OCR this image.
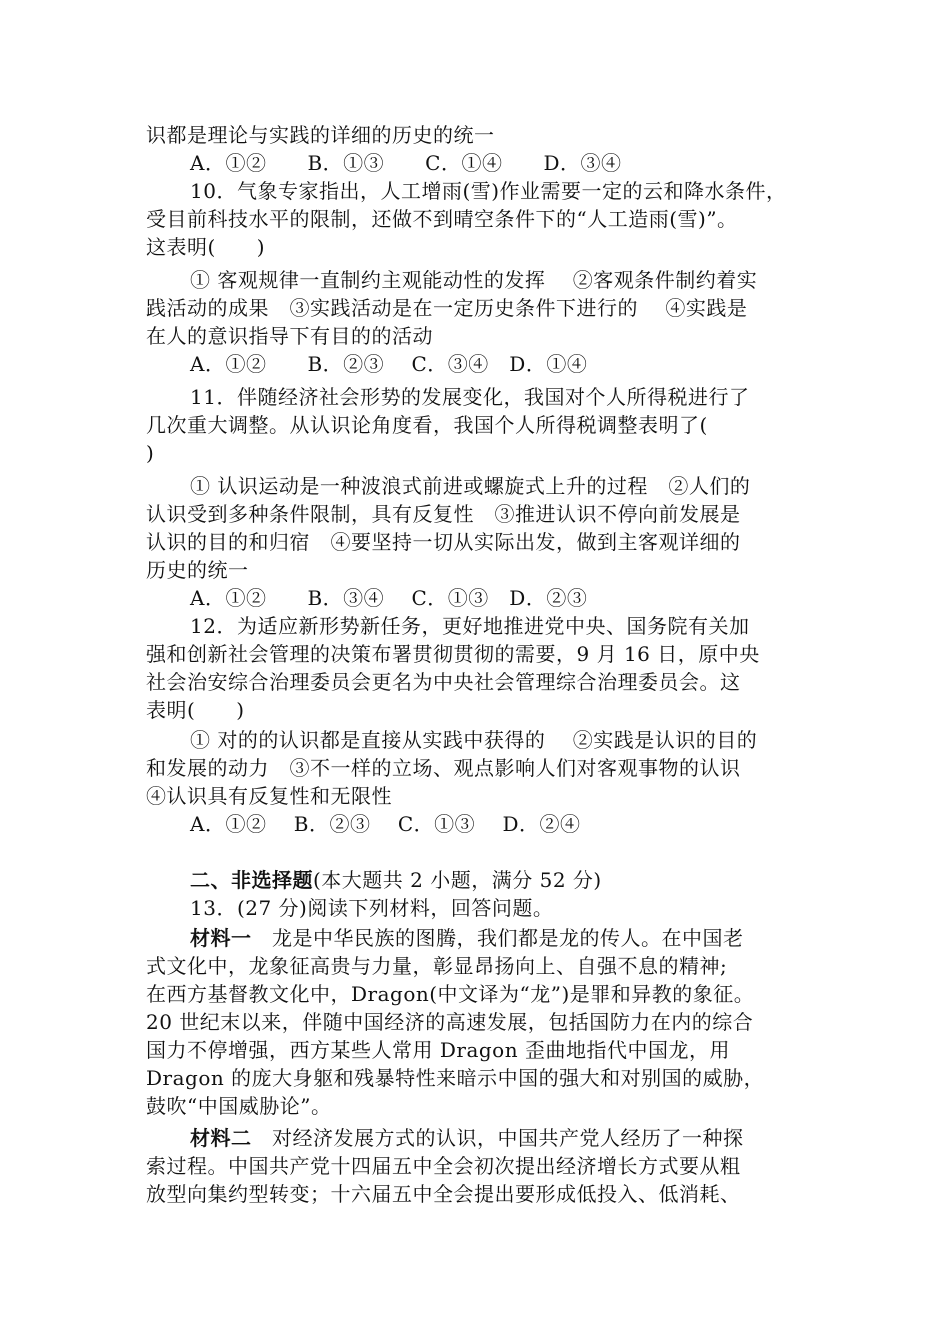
识都是理论与实践的详细的历史的统一
A．①②　　B．①③　　C．①④　　D．③④
10．气象专家指出，人工增雨(雪)作业需要一定的云和降水条件，
受目前科技水平的限制，还做不到晴空条件下的“人工造雨(雪)”。
这表明(　　)
① 客观规律一直制约主观能动性的发挥　 ②客观条件制约着实
践活动的成果　③实践活动是在一定历史条件下进行的　 ④实践是
在人的意识指导下有目的的活动
A．①②　　B．②③　 C．③④　D．①④
11．伴随经济社会形势的发展变化，我国对个人所得税进行了
几次重大调整。从认识论角度看，我国个人所得税调整表明了(
)
① 认识运动是一种波浪式前进或螺旋式上升的过程　②人们的
认识受到多种条件限制，具有反复性　③推进认识不停向前发展是
认识的目的和归宿　④要坚持一切从实际出发，做到主客观详细的
历史的统一
A．①②　　B．③④　 C．①③　D．②③
12．为适应新形势新任务，更好地推进党中央、国务院有关加
强和创新社会管理的决策布署贯彻贯彻的需要，9 月 16 日，原中央
社会治安综合治理委员会更名为中央社会管理综合治理委员会。这
表明(　　)
① 对的的认识都是直接从实践中获得的　 ②实践是认识的目的
和发展的动力　③不一样的立场、观点影响人们对客观事物的认识
④认识具有反复性和无限性
A．①②　 B．②③　 C．①③　 D．②④
二、非选择题(本大题共 2 小题，满分 52 分)
13．(27 分)阅读下列材料，回答问题。
材料一　龙是中华民族的图腾，我们都是龙的传人。在中国老
式文化中，龙象征高贵与力量，彰显昂扬向上、自强不息的精神;
在西方基督教文化中，Dragon(中文译为“龙”)是罪和异教的象征。
20 世纪末以来，伴随中国经济的高速发展，包括国防力在内的综合
国力不停增强，西方某些人常用 Dragon 歪曲地指代中国龙，用
Dragon 的庞大身躯和残暴特性来暗示中国的强大和对别国的威胁，
鼓吹“中国威胁论”。
材料二　对经济发展方式的认识，中国共产党人经历了一种探
索过程。中国共产党十四届五中全会初次提出经济增长方式要从粗
放型向集约型转变；十六届五中全会提出要形成低投入、低消耗、
